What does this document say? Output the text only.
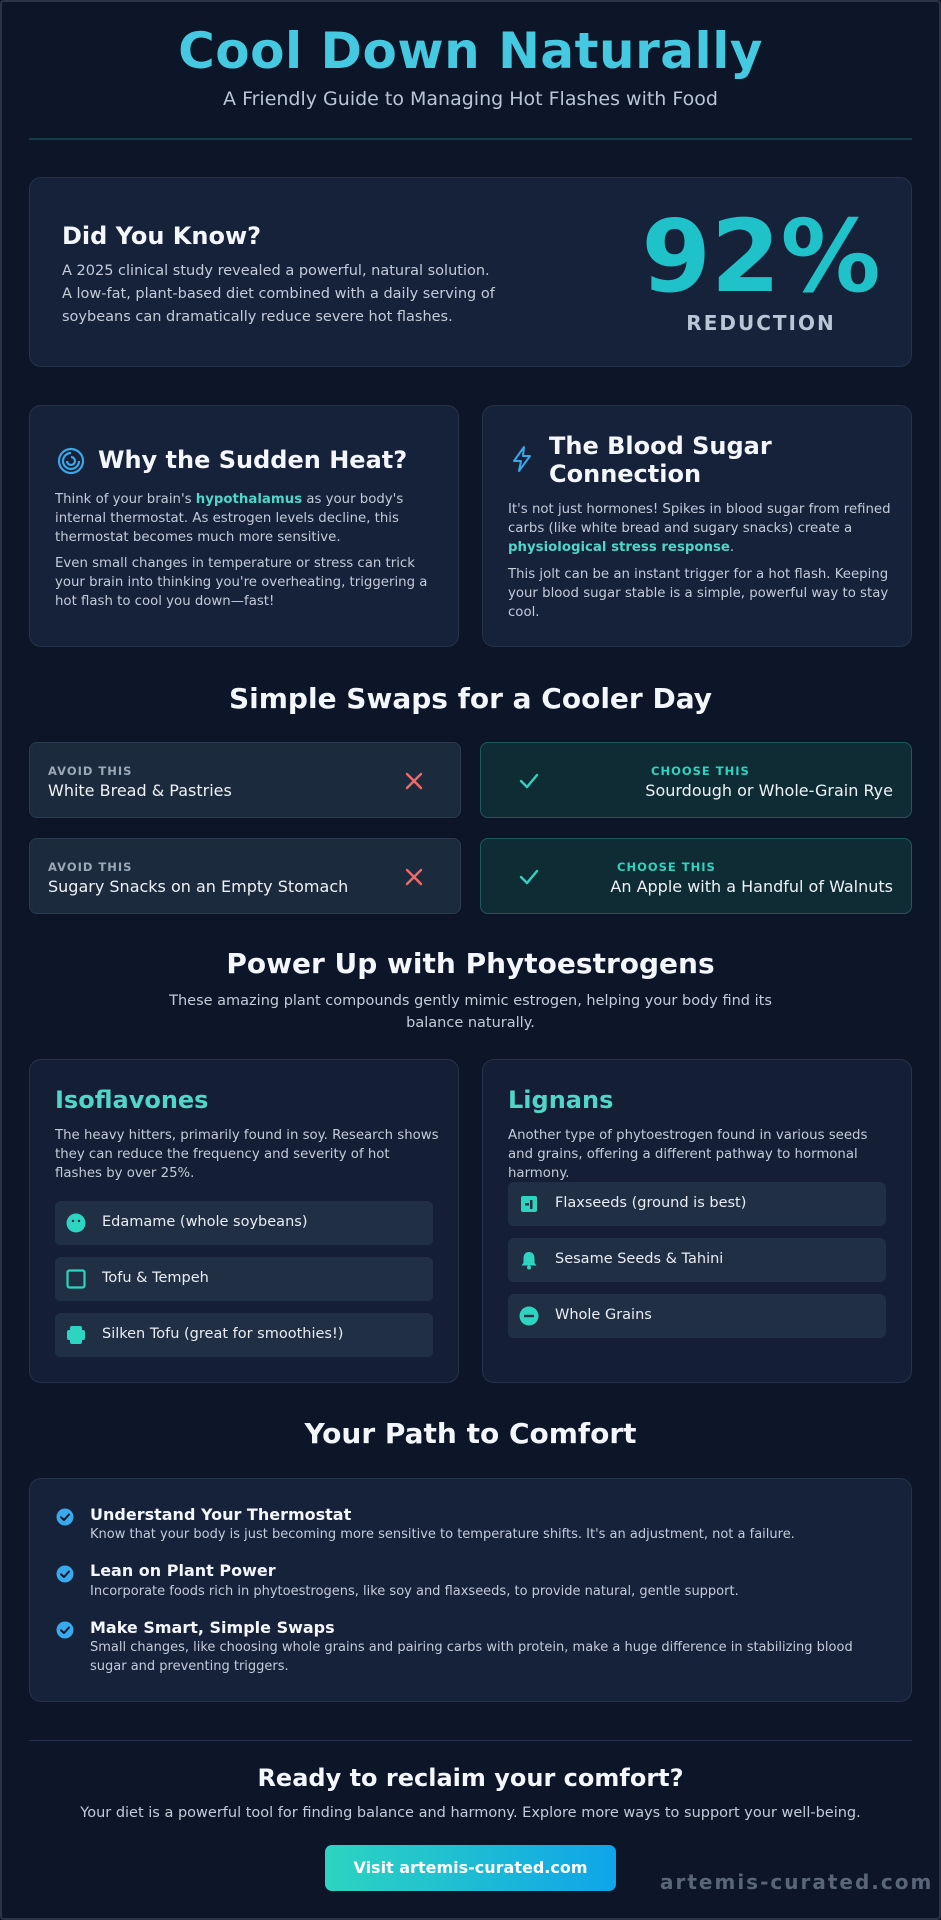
Cool Down Naturally
A Friendly Guide to Managing Hot Flashes with Food
Did You Know?
A 2025 clinical study revealed a powerful, natural solution. A low-fat, plant-based diet combined with a daily serving of soybeans can dramatically reduce severe hot flashes.
92%
REDUCTION
Why the Sudden Heat?

Think of your brain's hypothalamus as your body's internal thermostat. As estrogen levels decline, this thermostat becomes much more sensitive.

Even small changes in temperature or stress can trick your brain into thinking you're overheating, triggering a hot flash to cool you down—fast!

The Blood Sugar Connection

It's not just hormones! Spikes in blood sugar from refined carbs (like white bread and sugary snacks) create a physiological stress response.

This jolt can be an instant trigger for a hot flash. Keeping your blood sugar stable is a simple, powerful way to stay cool.

Simple Swaps for a Cooler Day
AVOID THIS
White Bread & Pastries
CHOOSE THIS
Sourdough or Whole-Grain Rye
AVOID THIS
Sugary Snacks on an Empty Stomach
CHOOSE THIS
An Apple with a Handful of Walnuts
Power Up with Phytoestrogens

These amazing plant compounds gently mimic estrogen, helping your body find its balance naturally.

Isoflavones

The heavy hitters, primarily found in soy. Research shows they can reduce the frequency and severity of hot flashes by over 25%.

Edamame (whole soybeans)
Tofu & Tempeh
Silken Tofu (great for smoothies!)
Lignans

Another type of phytoestrogen found in various seeds and grains, offering a different pathway to hormonal harmony.

Flaxseeds (ground is best)
Sesame Seeds & Tahini
Whole Grains
Your Path to Comfort
Understand Your Thermostat
Know that your body is just becoming more sensitive to temperature shifts. It's an adjustment, not a failure.
Lean on Plant Power
Incorporate foods rich in phytoestrogens, like soy and flaxseeds, to provide natural, gentle support.
Make Smart, Simple Swaps
Small changes, like choosing whole grains and pairing carbs with protein, make a huge difference in stabilizing blood sugar and preventing triggers.
Ready to reclaim your comfort?

Your diet is a powerful tool for finding balance and harmony. Explore more ways to support your well-being.

Visit artemis-curated.com
artemis-curated.com
